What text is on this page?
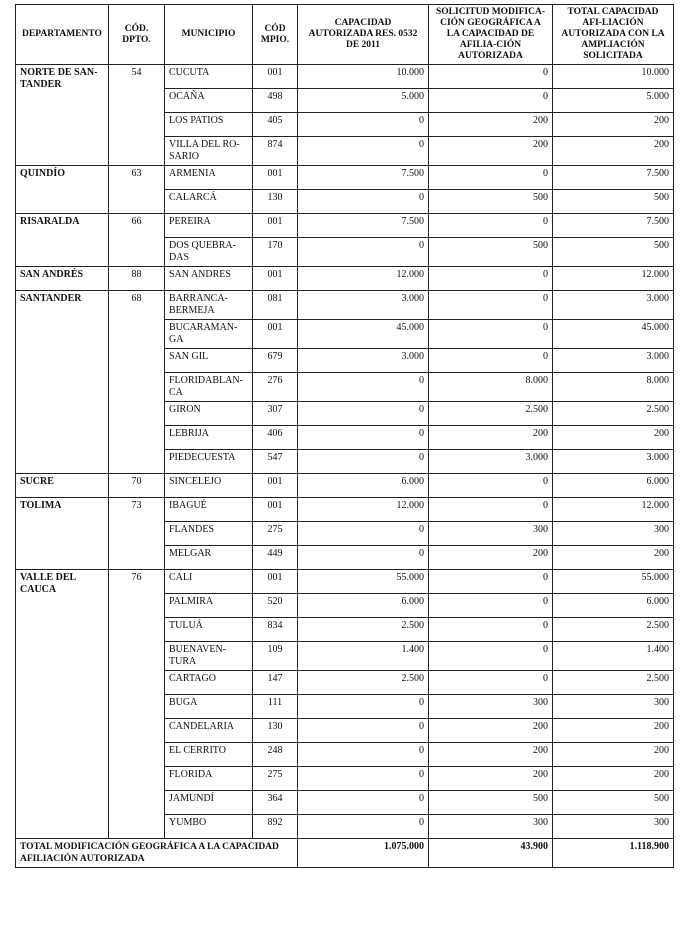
DEPARTAMENTO	CÓD. DPTO.	MUNICIPIO	CÓD MPIO.	CAPACIDAD AUTORIZADA RES. 0532 DE 2011	SOLICITUD MODIFICA-CIÓN GEOGRÁFICA A LA CAPACIDAD DE AFILIA-CIÓN AUTORIZADA	TOTAL CAPACIDAD AFI-LIACIÓN AUTORIZADA CON LA AMPLIACIÓN SOLICITADA
NORTE DE SAN-TANDER	54	CUCUTA	001	10.000	0	10.000
		OCAÑA	498	5.000	0	5.000
		LOS PATIOS	405	0	200	200
		VILLA DEL RO-SARIO	874	0	200	200
QUINDÍO	63	ARMENIA	001	7.500	0	7.500
		CALARCÁ	130	0	500	500
RISARALDA	66	PEREIRA	001	7.500	0	7.500
		DOS QUEBRA-DAS	170	0	500	500
SAN ANDRÉS	88	SAN ANDRES	001	12.000	0	12.000
SANTANDER	68	BARRANCA-BERMEJA	081	3.000	0	3.000
		BUCARAMAN-GA	001	45.000	0	45.000
		SAN GIL	679	3.000	0	3.000
		FLORIDABLAN-CA	276	0	8.000	8.000
		GIRON	307	0	2.500	2.500
		LEBRIJA	406	0	200	200
		PIEDECUESTA	547	0	3.000	3.000
SUCRE	70	SINCELEJO	001	6.000	0	6.000
TOLIMA	73	IBAGUÉ	001	12.000	0	12.000
		FLANDES	275	0	300	300
		MELGAR	449	0	200	200
VALLE DEL CAUCA	76	CALI	001	55.000	0	55.000
		PALMIRA	520	6.000	0	6.000
		TULUÁ	834	2.500	0	2.500
		BUENAVEN-TURA	109	1.400	0	1.400
		CARTAGO	147	2.500	0	2.500
		BUGA	111	0	300	300
		CANDELARIA	130	0	200	200
		EL CERRITO	248	0	200	200
		FLORIDA	275	0	200	200
		JAMUNDÍ	364	0	500	500
		YUMBO	892	0	300	300
TOTAL MODIFICACIÓN GEOGRÁFICA A LA CAPACIDAD AFILIACIÓN AUTORIZADA				1.075.000	43.900	1.118.900
